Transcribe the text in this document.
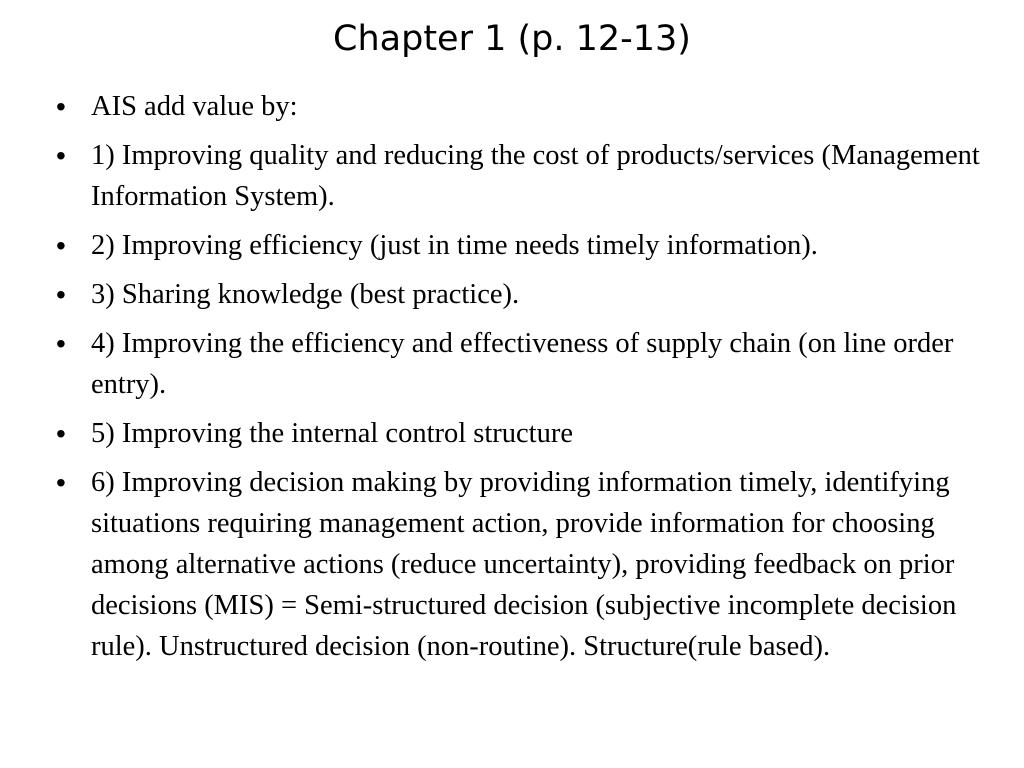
Chapter 1 (p. 12-13)
• AIS add value by:
• 1) Improving quality and reducing the cost of products/services (Management Information System).
• 2) Improving efficiency (just in time needs timely information).
• 3) Sharing knowledge (best practice).
• 4) Improving the efficiency and effectiveness of supply chain (on line order entry).
• 5) Improving the internal control structure
• 6) Improving decision making by providing information timely, identifying situations requiring management action, provide information for choosing among alternative actions (reduce uncertainty), providing feedback on prior decisions (MIS) = Semi-structured decision (subjective incomplete decision rule). Unstructured decision (non-routine). Structure(rule based).
